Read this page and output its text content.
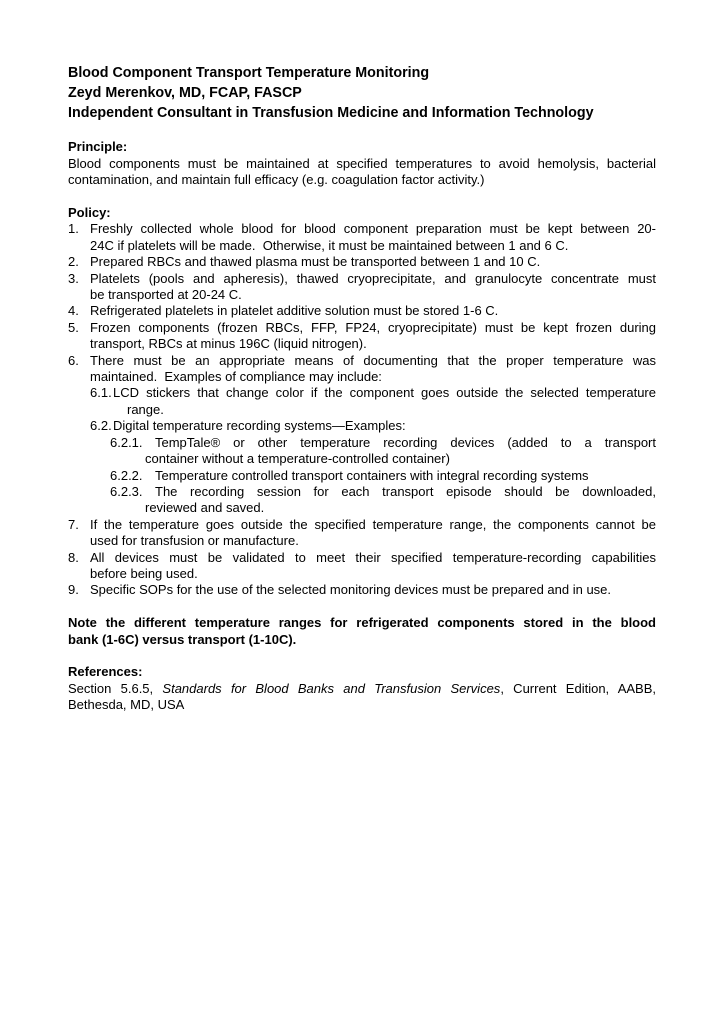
Blood Component Transport Temperature Monitoring
Zeyd Merenkov, MD, FCAP, FASCP
Independent Consultant in Transfusion Medicine and Information Technology
Principle:
Blood components must be maintained at specified temperatures to avoid hemolysis, bacterial
contamination, and maintain full efficacy (e.g. coagulation factor activity.)
Policy:
1. Freshly collected whole blood for blood component preparation must be kept between 20-
24C if platelets will be made.  Otherwise, it must be maintained between 1 and 6 C.
2. Prepared RBCs and thawed plasma must be transported between 1 and 10 C.
3. Platelets (pools and apheresis), thawed cryoprecipitate, and granulocyte concentrate must
be transported at 20-24 C.
4. Refrigerated platelets in platelet additive solution must be stored 1-6 C.
5. Frozen components (frozen RBCs, FFP, FP24, cryoprecipitate) must be kept frozen during
transport, RBCs at minus 196C (liquid nitrogen).
6. There must be an appropriate means of documenting that the proper temperature was
maintained.  Examples of compliance may include:
6.1. LCD stickers that change color if the component goes outside the selected temperature
range.
6.2. Digital temperature recording systems—Examples:
6.2.1. TempTale® or other temperature recording devices (added to a transport
container without a temperature-controlled container)
6.2.2. Temperature controlled transport containers with integral recording systems
6.2.3. The recording session for each transport episode should be downloaded,
reviewed and saved.
7. If the temperature goes outside the specified temperature range, the components cannot be
used for transfusion or manufacture.
8. All devices must be validated to meet their specified temperature-recording capabilities
before being used.
9. Specific SOPs for the use of the selected monitoring devices must be prepared and in use.
Note the different temperature ranges for refrigerated components stored in the blood
bank (1-6C) versus transport (1-10C).
References:
Section 5.6.5, Standards for Blood Banks and Transfusion Services, Current Edition, AABB,
Bethesda, MD, USA
